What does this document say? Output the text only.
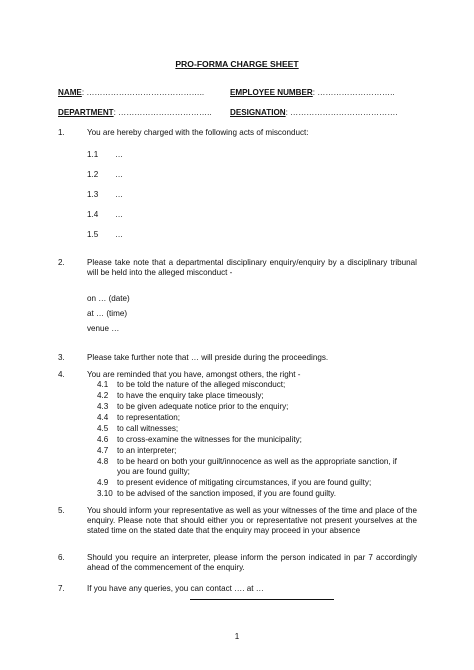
PRO-FORMA CHARGE SHEET
NAME: ……………………………………..	EMPLOYEE NUMBER: ………………………..
DEPARTMENT: …………………………….. DESIGNATION: ………………………………….
1.	You are hereby charged with the following acts of misconduct:
1.1 …
1.2 …
1.3 …
1.4 …
1.5 …
2.	Please take note that a departmental disciplinary enquiry/enquiry by a disciplinary tribunal will be held into the alleged misconduct -
on … (date)
at … (time)
venue …
3.	Please take further note that … will preside during the proceedings.
4.	You are reminded that you have, amongst others, the right -
4.1 to be told the nature of the alleged misconduct;
4.2 to have the enquiry take place timeously;
4.3 to be given adequate notice prior to the enquiry;
4.4 to representation;
4.5 to call witnesses;
4.6 to cross-examine the witnesses for the municipality;
4.7 to an interpreter;
4.8 to be heard on both your guilt/innocence as well as the appropriate sanction, if
you are found guilty;
4.9 to present evidence of mitigating circumstances, if you are found guilty;
3.10 to be advised of the sanction imposed, if you are found guilty.
5.	You should inform your representative as well as your witnesses of the time and place of the enquiry. Please note that should either you or representative not present yourselves at the stated time on the stated date that the enquiry may proceed in your absence
6.	Should you require an interpreter, please inform the person indicated in par 7 accordingly ahead of the commencement of the enquiry.
7.	If you have any queries, you can contact …. at …
1
